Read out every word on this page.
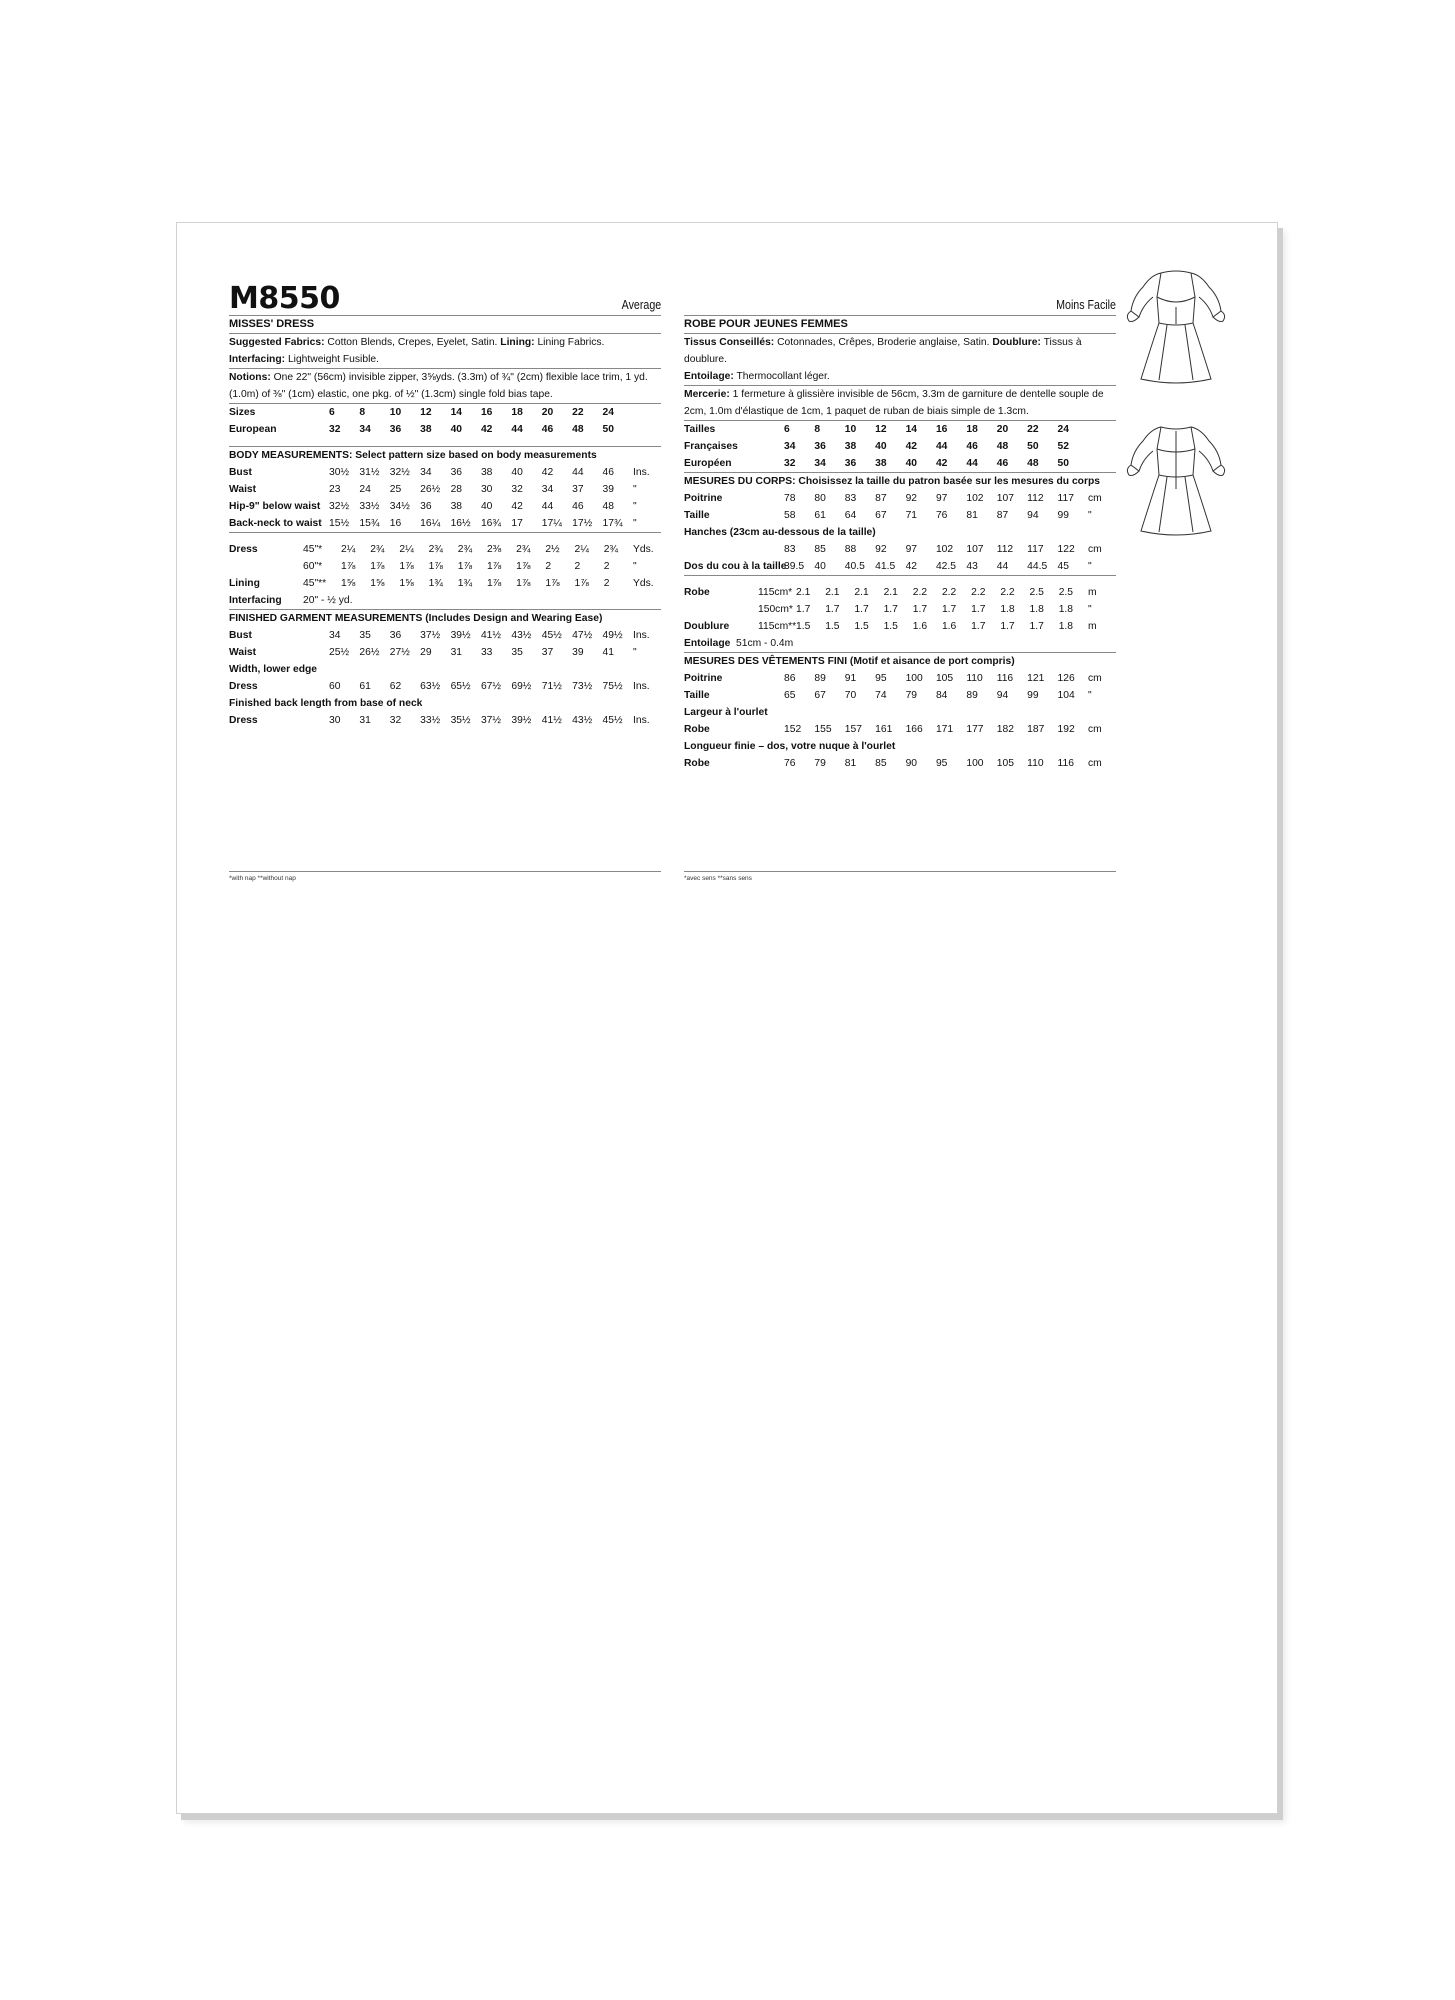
M8550	Average
MISSES' DRESS
Suggested Fabrics: Cotton Blends, Crepes, Eyelet, Satin. Lining: Lining Fabrics. Interfacing: Lightweight Fusible.
Notions: One 22" (56cm) invisible zipper, 3⅝yds. (3.3m) of ¾" (2cm) flexible lace trim, 1 yd. (1.0m) of ⅜" (1cm) elastic, one pkg. of ½" (1.3cm) single fold bias tape.
Sizes	6	8	10	12	14	16	18	20	22	24	
European	32	34	36	38	40	42	44	46	48	50	
BODY MEASUREMENTS: Select pattern size based on body measurements
Bust	30½	31½	32½	34	36	38	40	42	44	46	Ins.
Waist	23	24	25	26½	28	30	32	34	37	39	"
Hip-9" below waist	32½	33½	34½	36	38	40	42	44	46	48	"
Back-neck to waist	15½	15¾	16	16¼	16½	16¾	17	17¼	17½	17¾	"
Dress	45"*	2¼	2¾	2¼	2¾	2¾	2⅜	2¾	2½	2¼	2¾	Yds.
	60"*	1⅞	1⅞	1⅞	1⅞	1⅞	1⅞	1⅞	2	2	2	"
Lining	45"**	1⅝	1⅝	1⅝	1¾	1¾	1⅞	1⅞	1⅞	1⅞	2	Yds.
Interfacing	20" - ½ yd.
FINISHED GARMENT MEASUREMENTS (Includes Design and Wearing Ease)
Bust	34	35	36	37½	39½	41½	43½	45½	47½	49½	Ins.
Waist	25½	26½	27½	29	31	33	35	37	39	41	"
Width, lower edge
Dress	60	61	62	63½	65½	67½	69½	71½	73½	75½	Ins.
Finished back length from base of neck
Dress	30	31	32	33½	35½	37½	39½	41½	43½	45½	Ins.
*with nap **without nap
Moins Facile
ROBE POUR JEUNES FEMMES
Tissus Conseillés: Cotonnades, Crêpes, Broderie anglaise, Satin. Doublure: Tissus à doublure.
Entoilage: Thermocollant léger.
Mercerie: 1 fermeture à glissière invisible de 56cm, 3.3m de garniture de dentelle souple de 2cm, 1.0m d'élastique de 1cm, 1 paquet de ruban de biais simple de 1.3cm.
Tailles	6	8	10	12	14	16	18	20	22	24	
Françaises	34	36	38	40	42	44	46	48	50	52	
Européen	32	34	36	38	40	42	44	46	48	50	
MESURES DU CORPS: Choisissez la taille du patron basée sur les mesures du corps
Poitrine	78	80	83	87	92	97	102	107	112	117	cm
Taille	58	61	64	67	71	76	81	87	94	99	"
Hanches (23cm au-dessous de la taille)
	83	85	88	92	97	102	107	112	117	122	cm
Dos du cou à la taille	39.5	40	40.5	41.5	42	42.5	43	44	44.5	45	"
Robe	115cm*	2.1	2.1	2.1	2.1	2.2	2.2	2.2	2.2	2.5	2.5	m
	150cm*	1.7	1.7	1.7	1.7	1.7	1.7	1.7	1.8	1.8	1.8	"
Doublure	115cm**	1.5	1.5	1.5	1.5	1.6	1.6	1.7	1.7	1.7	1.8	m
Entoilage	51cm - 0.4m
MESURES DES VÊTEMENTS FINI (Motif et aisance de port compris)
Poitrine	86	89	91	95	100	105	110	116	121	126	cm
Taille	65	67	70	74	79	84	89	94	99	104	"
Largeur à l'ourlet
Robe	152	155	157	161	166	171	177	182	187	192	cm
Longueur finie – dos, votre nuque à l'ourlet
Robe	76	79	81	85	90	95	100	105	110	116	cm
*avec sens **sans sens
